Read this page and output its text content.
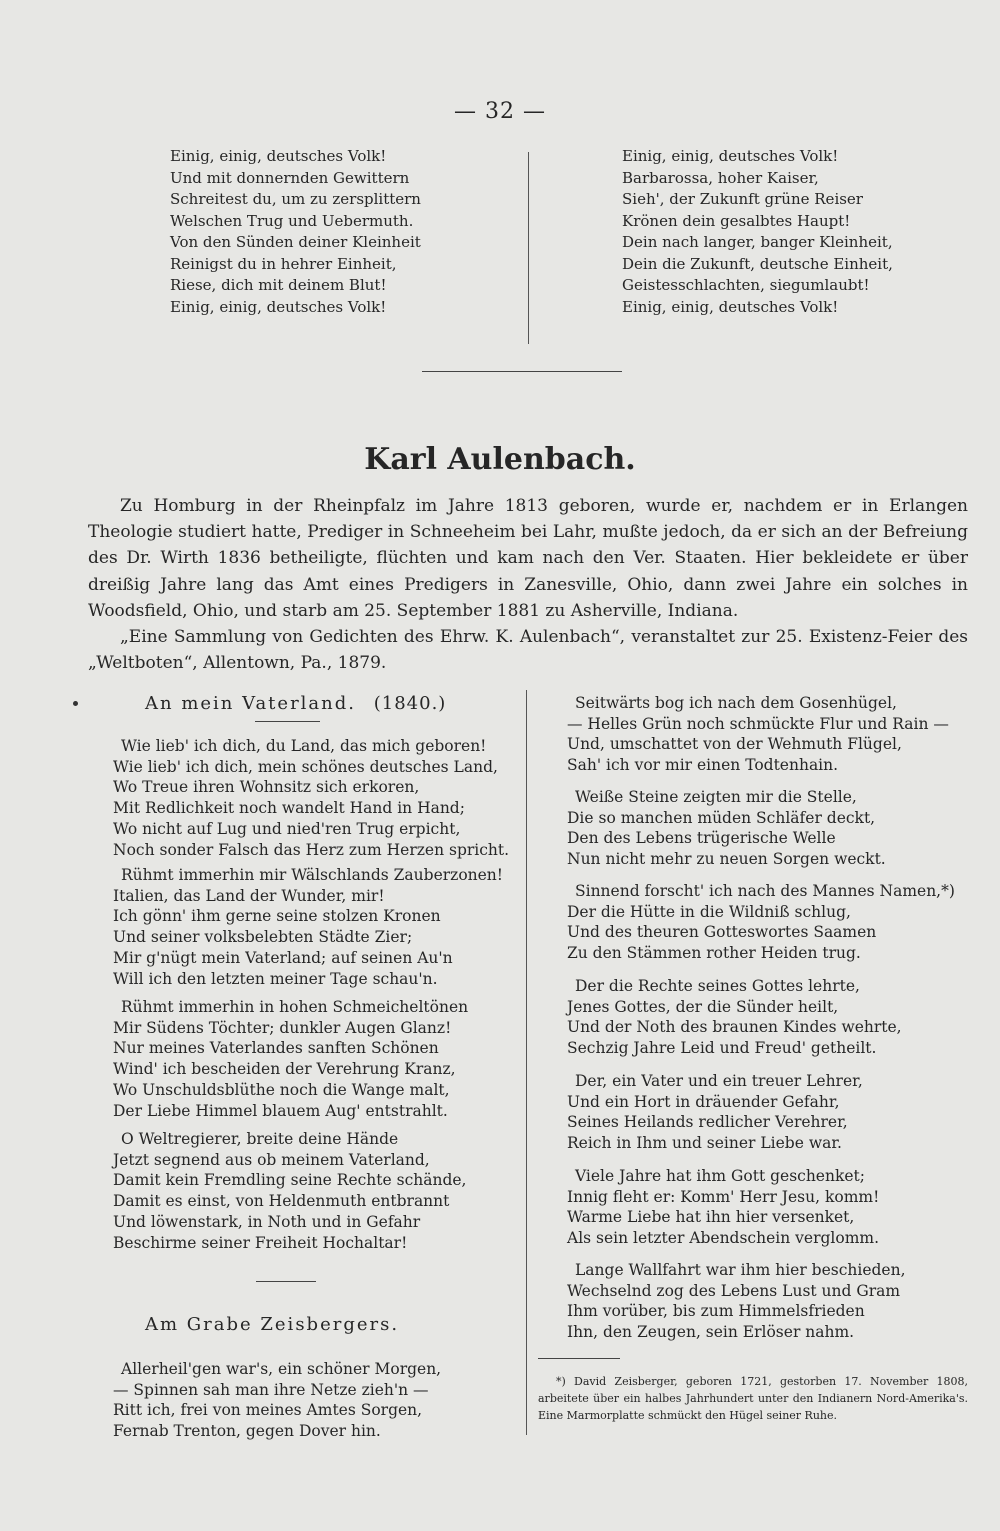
— 32 —
Einig, einig, deutsches Volk!
Und mit donnernden Gewittern
Schreitest du, um zu zersplittern
Welschen Trug und Uebermuth.
Von den Sünden deiner Kleinheit
Reinigst du in hehrer Einheit,
Riese, dich mit deinem Blut!
Einig, einig, deutsches Volk!
Einig, einig, deutsches Volk!
Barbarossa, hoher Kaiser,
Sieh', der Zukunft grüne Reiser
Krönen dein gesalbtes Haupt!
Dein nach langer, banger Kleinheit,
Dein die Zukunft, deutsche Einheit,
Geistesschlachten, siegumlaubt!
Einig, einig, deutsches Volk!
Karl Aulenbach.

Zu Homburg in der Rheinpfalz im Jahre 1813 geboren, wurde er, nachdem er in Erlangen Theologie studiert hatte, Prediger in Schneeheim bei Lahr, mußte jedoch, da er sich an der Befreiung des Dr. Wirth 1836 betheiligte, flüchten und kam nach den Ver. Staaten. Hier bekleidete er über dreißig Jahre lang das Amt eines Predigers in Zanesville, Ohio, dann zwei Jahre ein solches in Woodsfield, Ohio, und starb am 25. September 1881 zu Asherville, Indiana.

„Eine Sammlung von Gedichten des Ehrw. K. Aulenbach“, veranstaltet zur 25. Existenz-Feier des „Weltboten“, Allentown, Pa., 1879.

An mein Vaterland. (1840.)
Wie lieb' ich dich, du Land, das mich geboren!
Wie lieb' ich dich, mein schönes deutsches Land,
Wo Treue ihren Wohnsitz sich erkoren,
Mit Redlichkeit noch wandelt Hand in Hand;
Wo nicht auf Lug und nied'ren Trug erpicht,
Noch sonder Falsch das Herz zum Herzen spricht.
Rühmt immerhin mir Wälschlands Zauberzonen!
Italien, das Land der Wunder, mir!
Ich gönn' ihm gerne seine stolzen Kronen
Und seiner volksbelebten Städte Zier;
Mir g'nügt mein Vaterland; auf seinen Au'n
Will ich den letzten meiner Tage schau'n.
Rühmt immerhin in hohen Schmeicheltönen
Mir Südens Töchter; dunkler Augen Glanz!
Nur meines Vaterlandes sanften Schönen
Wind' ich bescheiden der Verehrung Kranz,
Wo Unschuldsblüthe noch die Wange malt,
Der Liebe Himmel blauem Aug' entstrahlt.
O Weltregierer, breite deine Hände
Jetzt segnend aus ob meinem Vaterland,
Damit kein Fremdling seine Rechte schände,
Damit es einst, von Heldenmuth entbrannt
Und löwenstark, in Noth und in Gefahr
Beschirme seiner Freiheit Hochaltar!
Am Grabe Zeisbergers.
Allerheil'gen war's, ein schöner Morgen,
— Spinnen sah man ihre Netze zieh'n —
Ritt ich, frei von meines Amtes Sorgen,
Fernab Trenton, gegen Dover hin.
Seitwärts bog ich nach dem Gosenhügel,
— Helles Grün noch schmückte Flur und Rain —
Und, umschattet von der Wehmuth Flügel,
Sah' ich vor mir einen Todtenhain.
Weiße Steine zeigten mir die Stelle,
Die so manchen müden Schläfer deckt,
Den des Lebens trügerische Welle
Nun nicht mehr zu neuen Sorgen weckt.
Sinnend forscht' ich nach des Mannes Namen,*)
Der die Hütte in die Wildniß schlug,
Und des theuren Gotteswortes Saamen
Zu den Stämmen rother Heiden trug.
Der die Rechte seines Gottes lehrte,
Jenes Gottes, der die Sünder heilt,
Und der Noth des braunen Kindes wehrte,
Sechzig Jahre Leid und Freud' getheilt.
Der, ein Vater und ein treuer Lehrer,
Und ein Hort in dräuender Gefahr,
Seines Heilands redlicher Verehrer,
Reich in Ihm und seiner Liebe war.
Viele Jahre hat ihm Gott geschenket;
Innig fleht er: Komm' Herr Jesu, komm!
Warme Liebe hat ihn hier versenket,
Als sein letzter Abendschein verglomm.
Lange Wallfahrt war ihm hier beschieden,
Wechselnd zog des Lebens Lust und Gram
Ihm vorüber, bis zum Himmelsfrieden
Ihn, den Zeugen, sein Erlöser nahm.

*) David Zeisberger, geboren 1721, gestorben 17. November 1808, arbeitete über ein halbes Jahrhundert unter den Indianern Nord-Amerika's. Eine Marmorplatte schmückt den Hügel seiner Ruhe.
